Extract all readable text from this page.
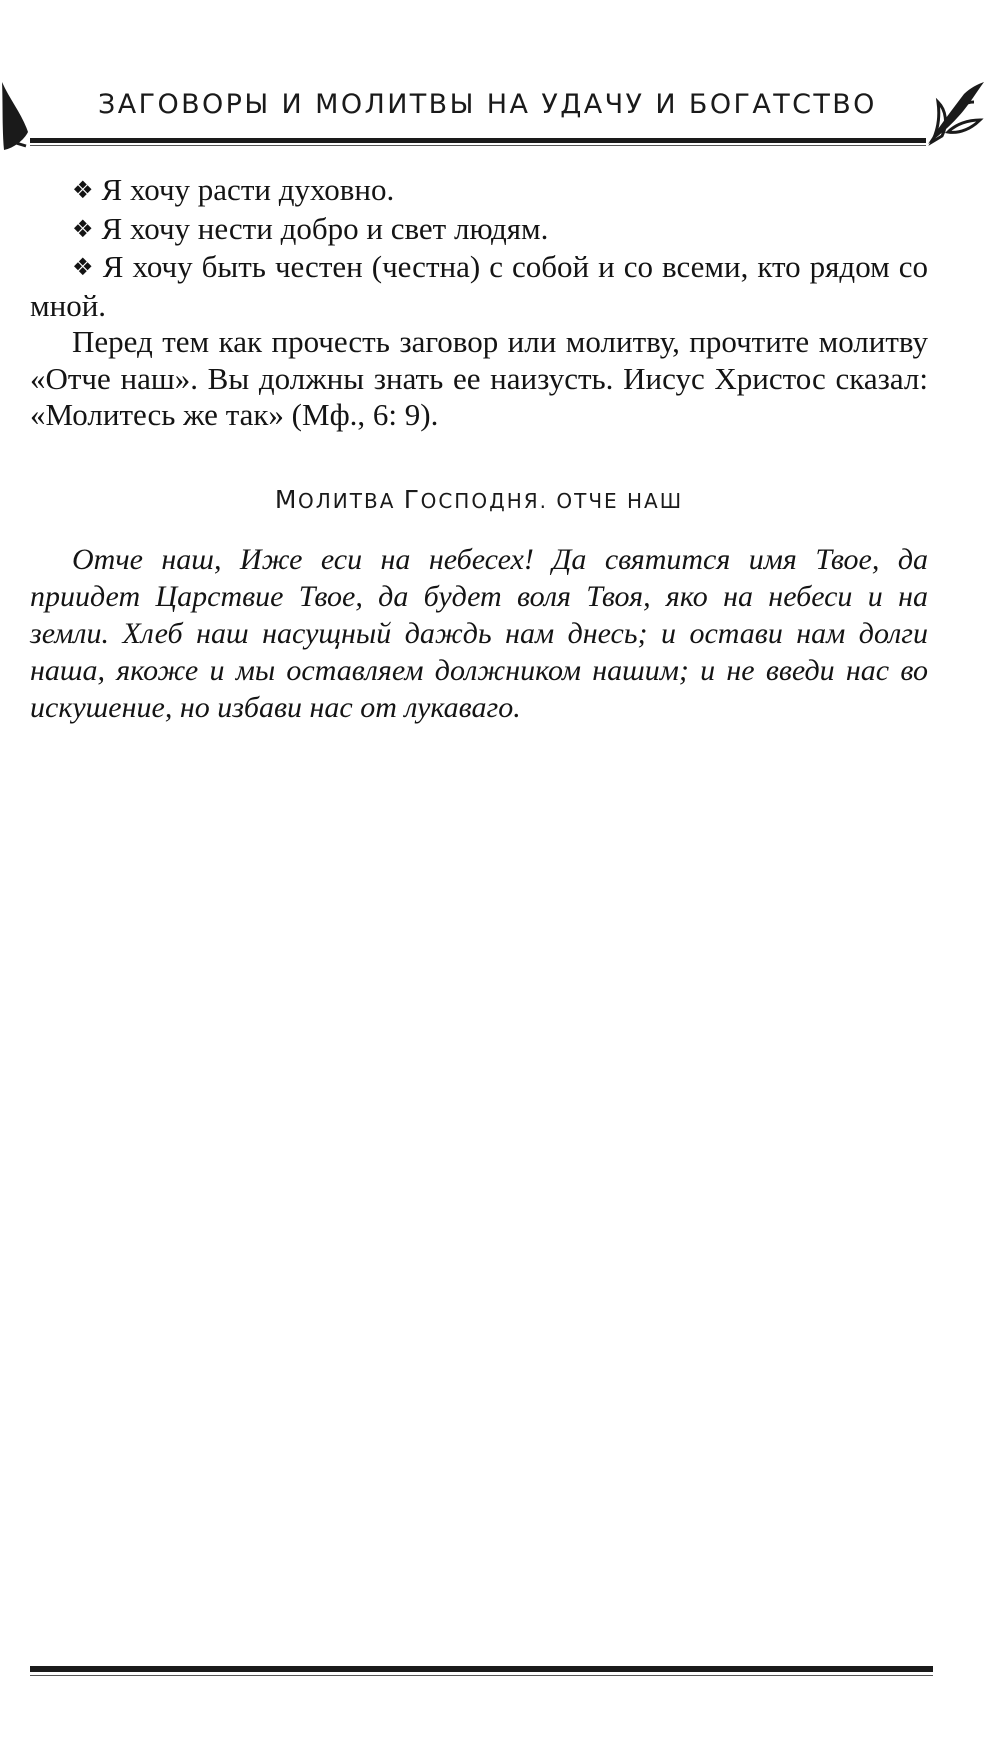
ЗАГОВОРЫ И МОЛИТВЫ НА УДАЧУ И БОГАТСТВО

❖ Я хочу расти духовно.

❖ Я хочу нести добро и свет людям.

❖ Я хочу быть честен (честна) с собой и со всеми, кто рядом со мной.

Перед тем как прочесть заговор или молитву, прочтите молитву «Отче наш». Вы должны знать ее наизусть. Иисус Христос сказал: «Молитесь же так» (Мф., 6: 9).

МОЛИТВА ГОСПОДНЯ. ОТЧЕ НАШ

Отче наш, Иже еси на небесех! Да святится имя Твое, да приидет Царствие Твое, да будет воля Твоя, яко на небеси и на земли. Хлеб наш насущный даждь нам днесь; и остави нам долги наша, якоже и мы оставляем должником нашим; и не введи нас во искушение, но избави нас от лукаваго.
